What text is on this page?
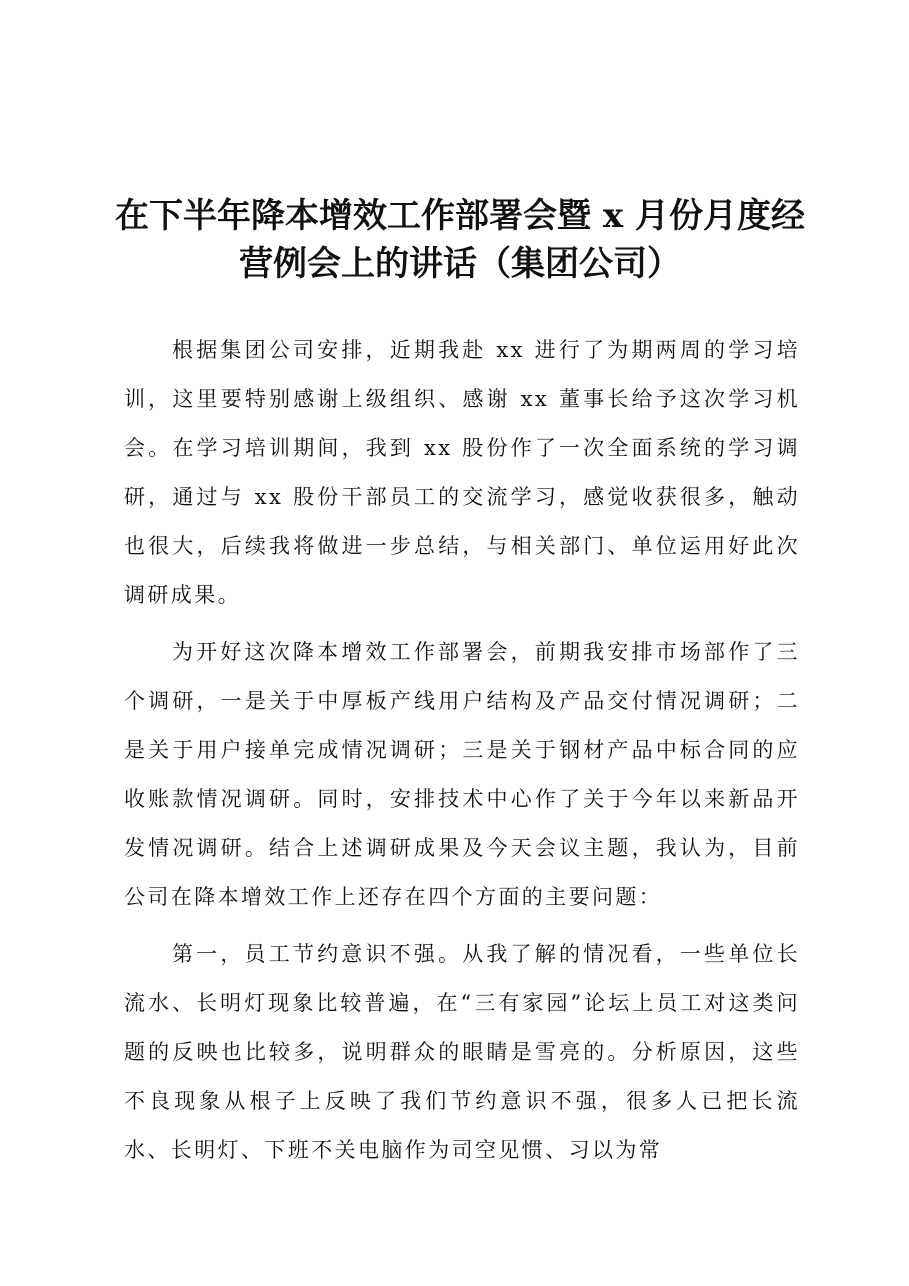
在下半年降本增效工作部署会暨 x 月份月度经
营例会上的讲话（集团公司）

根据集团公司安排，近期我赴 xx 进行了为期两周的学习培训，这里要特别感谢上级组织、感谢 xx 董事长给予这次学习机会。在学习培训期间，我到 xx 股份作了一次全面系统的学习调研，通过与 xx 股份干部员工的交流学习，感觉收获很多，触动也很大，后续我将做进一步总结，与相关部门、单位运用好此次调研成果。

为开好这次降本增效工作部署会，前期我安排市场部作了三个调研，一是关于中厚板产线用户结构及产品交付情况调研；二是关于用户接单完成情况调研；三是关于钢材产品中标合同的应收账款情况调研。同时，安排技术中心作了关于今年以来新品开发情况调研。结合上述调研成果及今天会议主题，我认为，目前公司在降本增效工作上还存在四个方面的主要问题：

第一，员工节约意识不强。从我了解的情况看，一些单位长流水、长明灯现象比较普遍，在“三有家园”论坛上员工对这类问题的反映也比较多，说明群众的眼睛是雪亮的。分析原因，这些不良现象从根子上反映了我们节约意识不强，很多人已把长流水、长明灯、下班不关电脑作为司空见惯、习以为常
